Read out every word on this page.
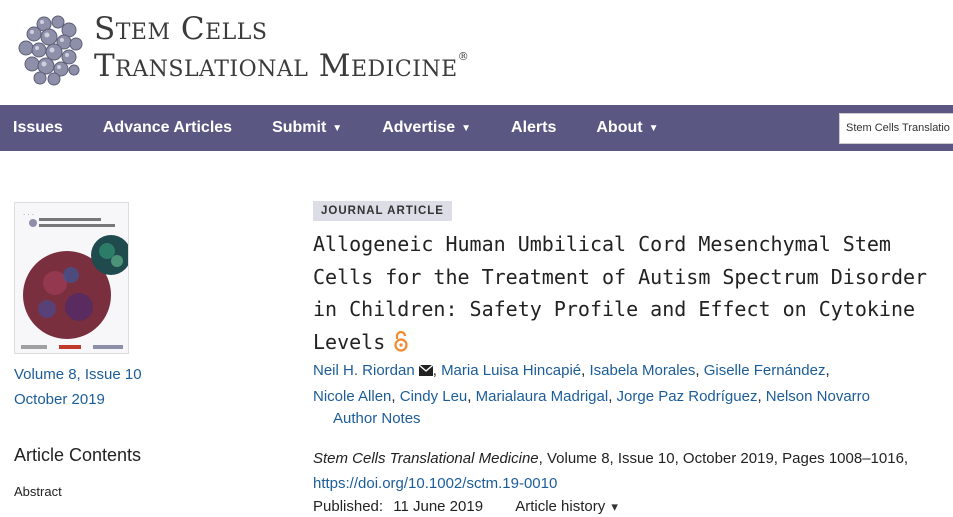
Stem Cells
Translational Medicine®
Issues	Advance Articles	Submit ▼	Advertise ▼	Alerts	About ▼	Stem Cells Translatio
· · ·
Volume 8, Issue 10
October 2019
Article Contents
Abstract
JOURNAL ARTICLE
Allogeneic Human Umbilical Cord Mesenchymal Stem Cells for the Treatment of Autism Spectrum Disorder in Children: Safety Profile and Effect on Cytokine Levels
Neil H. Riordan , Maria Luisa Hincapié, Isabela Morales, Giselle Fernández,
Nicole Allen, Cindy Leu, Marialaura Madrigal, Jorge Paz Rodríguez, Nelson Novarro
Author Notes
Stem Cells Translational Medicine, Volume 8, Issue 10, October 2019, Pages 1008–1016,
https://doi.org/10.1002/sctm.19-0010
Published: 11 June 2019 Article history ▾
